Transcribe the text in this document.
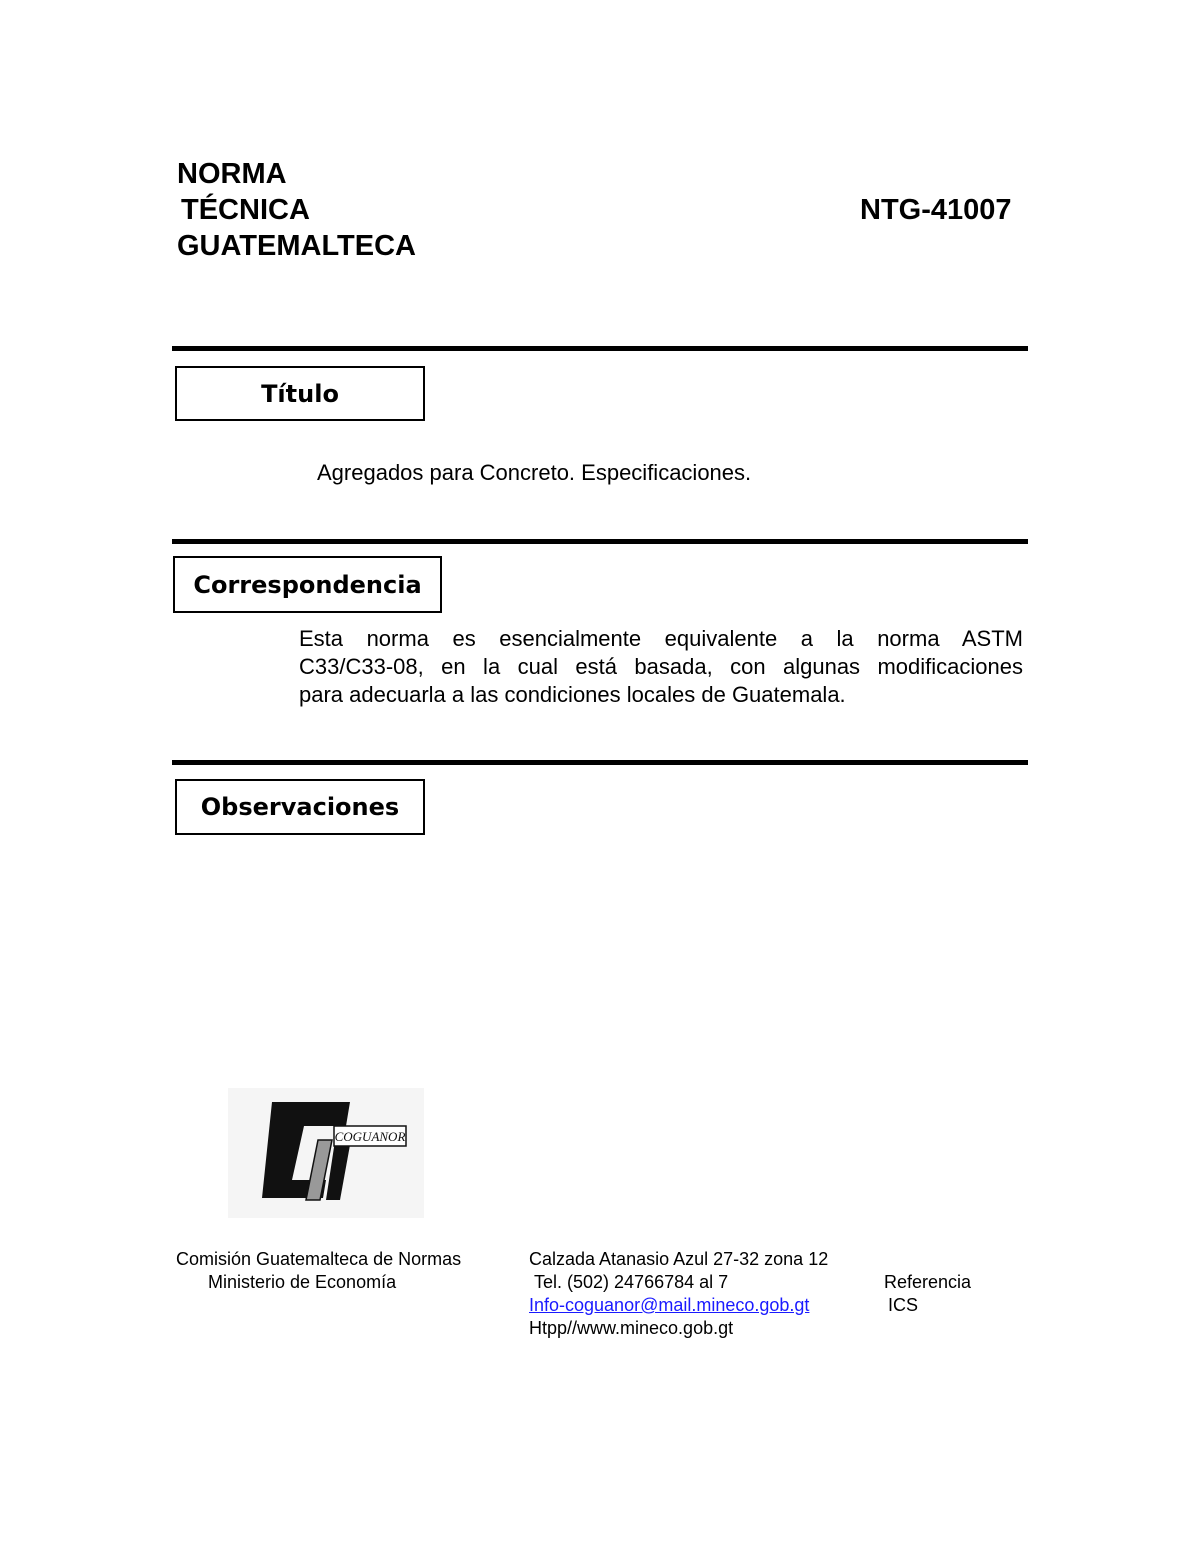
NORMA
TÉCNICA
GUATEMALTECA
NTG-41007
Título
Agregados para Concreto. Especificaciones.
Correspondencia
Esta norma es esencialmente equivalente a la norma ASTM
C33/C33-08, en la cual está basada, con algunas modificaciones
para adecuarla a las condiciones locales de Guatemala.
Observaciones
COGUANOR
Comisión Guatemalteca de Normas
Ministerio de Economía
Calzada Atanasio Azul 27-32 zona 12
Tel. (502) 24766784 al 7
Info-coguanor@mail.mineco.gob.gt
Htpp//www.mineco.gob.gt
Referencia
ICS
